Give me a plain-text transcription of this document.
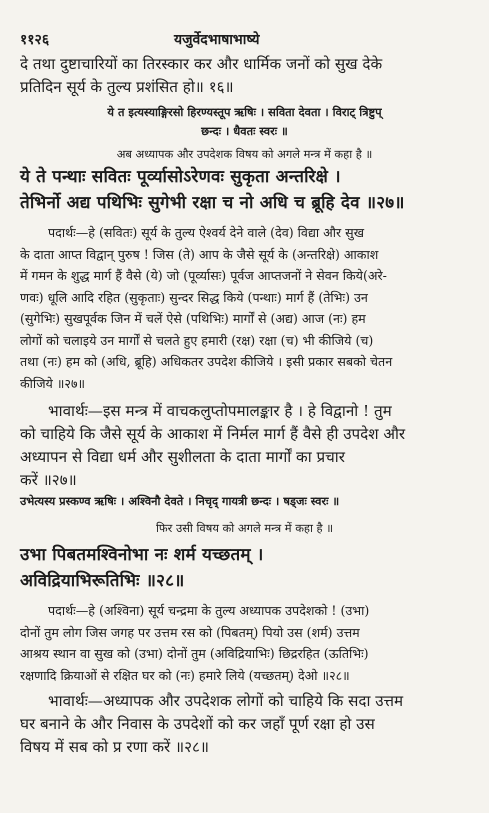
११२६	यजुर्वेदभाषाभाष्ये

दे तथा दुष्टाचारियों का तिरस्कार कर और धार्मिक जनों को सुख देके

प्रतिदिन सूर्य के तुल्य प्रशंसित हो॥ १६॥

ये त इत्यस्याङ्गिरसो हिरण्यस्तूप ऋषिः । सविता देवता । विराट् त्रिष्टुप्

छन्दः । धैवतः स्वरः ॥

अब अध्यापक और उपदेशक विषय को अगले मन्त्र में कहा है ॥

ये ते पन्थाः सवितः पूर्व्यासोऽरेणवः सुकृता अन्तरिक्षे ।

तेभिर्नो अद्य पथिभिः सुगेभी रक्षा च नो अधि च ब्रूहि देव ॥२७॥

पदार्थः—हे (सवितः) सूर्य के तुल्य ऐश्वर्य देने वाले (देव) विद्या और सुख

के दाता आप्त विद्वान् पुरुष ! जिस (ते) आप के जैसे सूर्य के (अन्तरिक्षे) आकाश

में गमन के शुद्ध मार्ग हैं वैसे (ये) जो (पूर्व्यासः) पूर्वज आप्तजनों ने सेवन किये(अरे-

णवः) धूलि आदि रहित (सुकृताः) सुन्दर सिद्ध किये (पन्थाः) मार्ग हैं (तेभिः) उन

(सुगेभिः) सुखपूर्वक जिन में चलें ऐसे (पथिभिः) मार्गों से (अद्य) आज (नः) हम

लोगों को चलाइये उन मार्गों से चलते हुए हमारी (रक्ष) रक्षा (च) भी कीजिये (च)

तथा (नः) हम को (अधि, ब्रूहि) अधिकतर उपदेश कीजिये । इसी प्रकार सबको चेतन

कीजिये ॥२७॥

भावार्थः—इस मन्त्र में वाचकलुप्तोपमालङ्कार है । हे विद्वानो ! तुम

को चाहिये कि जैसे सूर्य के आकाश में निर्मल मार्ग हैं वैसे ही उपदेश और

अध्यापन से विद्या धर्म और सुशीलता के दाता मार्गों का प्रचार

करें ॥२७॥

उभेत्यस्य प्रस्कण्व ऋषिः । अश्विनौ देवते । निचृद् गायत्री छन्दः । षड्जः स्वरः ॥

फिर उसी विषय को अगले मन्त्र में कहा है ॥

उभा पिबतमश्विनोभा नः शर्म यच्छतम् ।

अविद्रियाभिरूतिभिः ॥२८॥

पदार्थः—हे (अश्विना) सूर्य चन्द्रमा के तुल्य अध्यापक उपदेशको ! (उभा)

दोनों तुम लोग जिस जगह पर उत्तम रस को (पिबतम्) पियो उस (शर्म) उत्तम

आश्रय स्थान वा सुख को (उभा) दोनों तुम (अविद्रियाभिः) छिद्ररहित (ऊतिभिः)

रक्षणादि क्रियाओं से रक्षित घर को (नः) हमारे लिये (यच्छतम्) देओ ॥२८॥

भावार्थः—अध्यापक और उपदेशक लोगों को चाहिये कि सदा उत्तम

घर बनाने के और निवास के उपदेशों को कर जहाँ पूर्ण रक्षा हो उस

विषय में सब को प्र रणा करें ॥२८॥
